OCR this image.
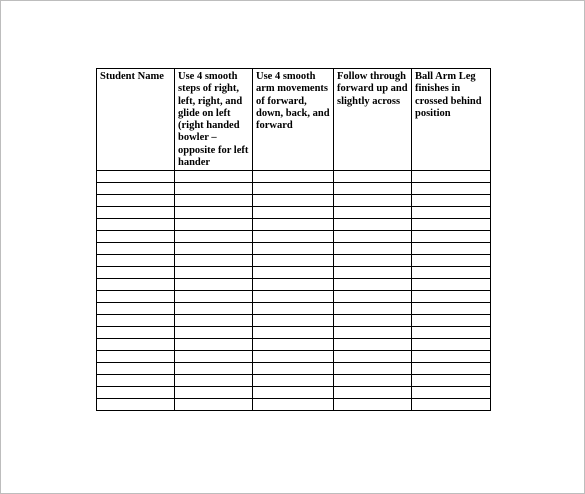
Student Name	Use 4 smooth steps of right, left, right, and glide on left (right handed bowler – opposite for left hander	Use 4 smooth arm movements of forward, down, back, and forward	Follow through forward up and slightly across	Ball Arm Leg finishes in crossed behind position
